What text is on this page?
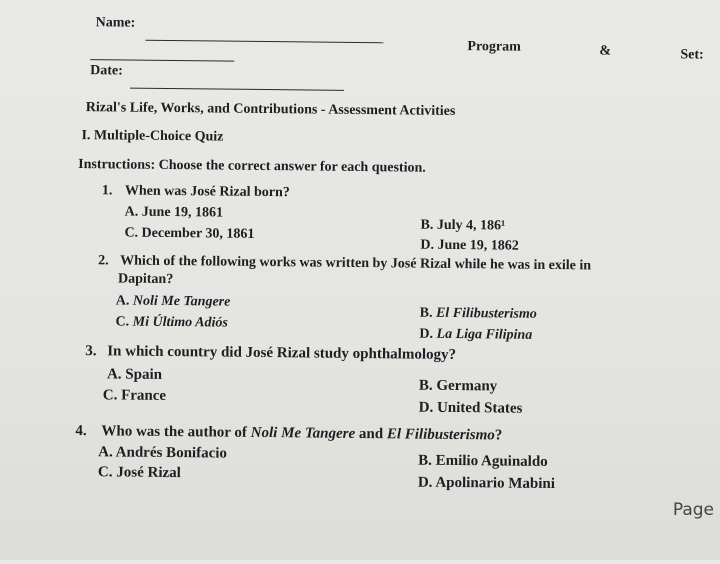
Name:
Program	&	Set:
Date:
Rizal's Life, Works, and Contributions - Assessment Activities
I. Multiple-Choice Quiz
Instructions: Choose the correct answer for each question.
1. When was José Rizal born?
A. June 19, 1861
B. July 4, 186¹
C. December 30, 1861
D. June 19, 1862
2. Which of the following works was written by José Rizal while he was in exile in
Dapitan?
A. Noli Me Tangere
B. El Filibusterismo
C. Mi Último Adiós
D. La Liga Filipina
3. In which country did José Rizal study ophthalmology?
A. Spain
B. Germany
C. France
D. United States
4. Who was the author of Noli Me Tangere and El Filibusterismo?
A. Andrés Bonifacio	B. Emilio Aguinaldo
C. José Rizal
D. Apolinario Mabini
Page
